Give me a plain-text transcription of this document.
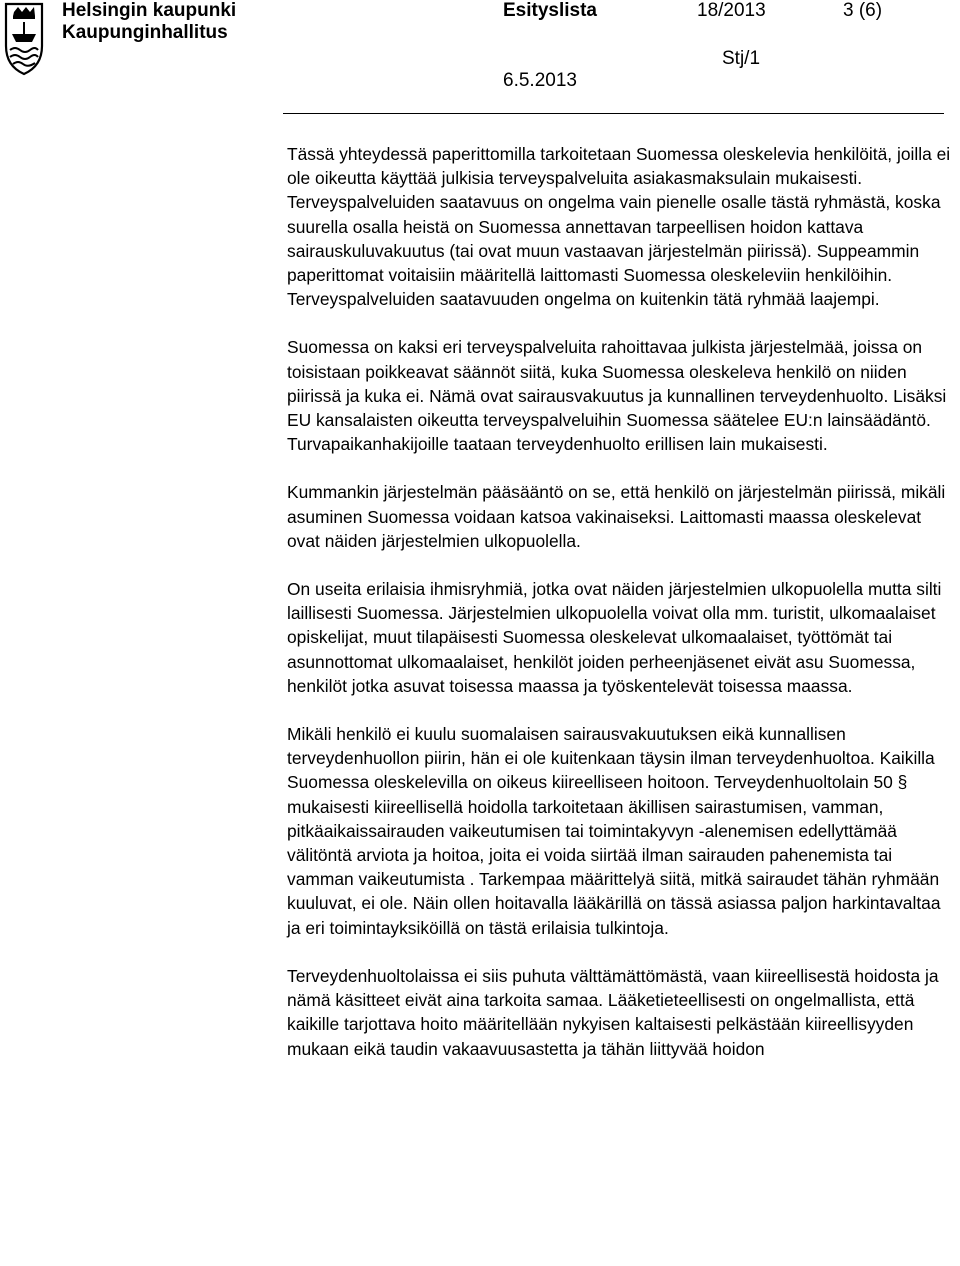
Helsingin kaupunki
Kaupunginhallitus
Esityslista	18/2013	3 (6)
Stj/1
6.5.2013

Tässä yhteydessä paperittomilla tarkoitetaan Suomessa oleskelevia henkilöitä, joilla ei ole oikeutta käyttää julkisia terveyspalveluita asiakasmaksulain mukaisesti. Terveyspalveluiden saatavuus on ongelma vain pienelle osalle tästä ryhmästä, koska suurella osalla heistä on Suomessa annettavan tarpeellisen hoidon kattava sairauskuluvakuutus (tai ovat muun vastaavan järjestelmän piirissä). Suppeammin paperittomat voitaisiin määritellä laittomasti Suomessa oleskeleviin henkilöihin. Terveyspalveluiden saatavuuden ongelma on kuitenkin tätä ryhmää laajempi.

Suomessa on kaksi eri terveyspalveluita rahoittavaa julkista järjestelmää, joissa on toisistaan poikkeavat säännöt siitä, kuka Suomessa oleskeleva henkilö on niiden piirissä ja kuka ei. Nämä ovat sairausvakuutus ja kunnallinen terveydenhuolto. Lisäksi EU kansalaisten oikeutta terveyspalveluihin Suomessa säätelee EU:n lainsäädäntö. Turvapaikanhakijoille taataan terveydenhuolto erillisen lain mukaisesti.

Kummankin järjestelmän pääsääntö on se, että henkilö on järjestelmän piirissä, mikäli asuminen Suomessa voidaan katsoa vakinaiseksi. Laittomasti maassa oleskelevat ovat näiden järjestelmien ulkopuolella.

On useita erilaisia ihmisryhmiä, jotka ovat näiden järjestelmien ulkopuolella mutta silti laillisesti Suomessa. Järjestelmien ulkopuolella voivat olla mm. turistit, ulkomaalaiset opiskelijat, muut tilapäisesti Suomessa oleskelevat ulkomaalaiset, työttömät tai asunnottomat ulkomaalaiset, henkilöt joiden perheenjäsenet eivät asu Suomessa, henkilöt jotka asuvat toisessa maassa ja työskentelevät toisessa maassa.

Mikäli henkilö ei kuulu suomalaisen sairausvakuutuksen eikä kunnallisen terveydenhuollon piirin, hän ei ole kuitenkaan täysin ilman terveydenhuoltoa. Kaikilla Suomessa oleskelevilla on oikeus kiireelliseen hoitoon. Terveydenhuoltolain 50 § mukaisesti kiireellisellä hoidolla tarkoitetaan äkillisen sairastumisen, vamman, pitkäaikaissairauden vaikeutumisen tai toimintakyvyn -alenemisen edellyttämää välitöntä arviota ja hoitoa, joita ei voida siirtää ilman sairauden pahenemista tai vamman vaikeutumista . Tarkempaa määrittelyä siitä, mitkä sairaudet tähän ryhmään kuuluvat, ei ole. Näin ollen hoitavalla lääkärillä on tässä asiassa paljon harkintavaltaa ja eri toimintayksiköillä on tästä erilaisia tulkintoja.

Terveydenhuoltolaissa ei siis puhuta välttämättömästä, vaan kiireellisestä hoidosta ja nämä käsitteet eivät aina tarkoita samaa. Lääketieteellisesti on ongelmallista, että kaikille tarjottava hoito määritellään nykyisen kaltaisesti pelkästään kiireellisyyden mukaan eikä taudin vakaavuusastetta ja tähän liittyvää hoidon
